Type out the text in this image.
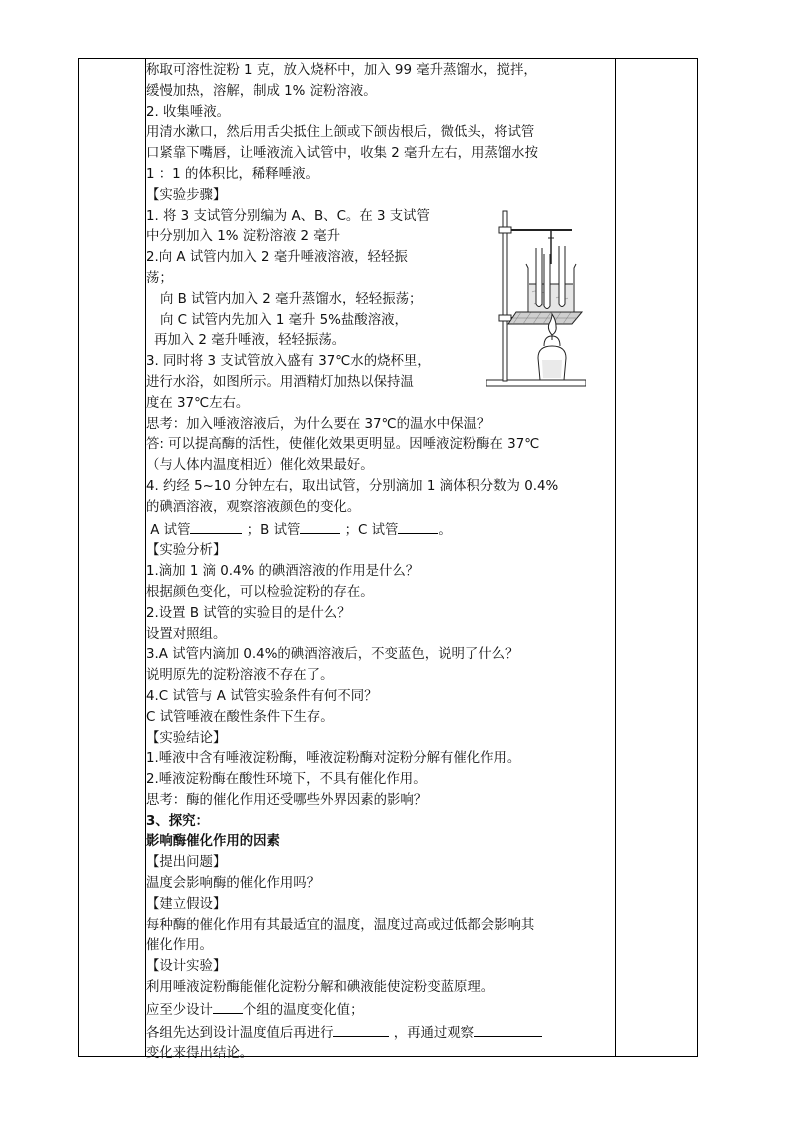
称取可溶性淀粉 1 克，放入烧杯中，加入 99 毫升蒸馏水，搅拌，

缓慢加热，溶解，制成 1% 淀粉溶液。

2. 收集唾液。

用清水漱口，然后用舌尖抵住上颌或下颌齿根后，微低头，将试管

口紧靠下嘴唇，让唾液流入试管中，收集 2 毫升左右，用蒸馏水按

1 ：1 的体积比，稀释唾液。

【实验步骤】

1. 将 3 支试管分别编为 A、B、C。在 3 支试管

中分别加入 1% 淀粉溶液 2 毫升

2.向 A 试管内加入 2 毫升唾液溶液，轻轻振

荡；

向 B 试管内加入 2 毫升蒸馏水，轻轻振荡；

向 C 试管内先加入 1 毫升 5%盐酸溶液，

再加入 2 毫升唾液，轻轻振荡。

3. 同时将 3 支试管放入盛有 37℃水的烧杯里，

进行水浴，如图所示。用酒精灯加热以保持温

度在 37℃左右。

思考：加入唾液溶液后，为什么要在 37℃的温水中保温？

答: 可以提高酶的活性，使催化效果更明显。因唾液淀粉酶在 37℃

（与人体内温度相近）催化效果最好。

4. 约经 5~10 分钟左右，取出试管，分别滴加 1 滴体积分数为 0.4%

的碘酒溶液，观察溶液颜色的变化。

A 试管	；B 试管	；C 试管	。

【实验分析】

1.滴加 1 滴 0.4% 的碘酒溶液的作用是什么？

根据颜色变化，可以检验淀粉的存在。

2.设置 B 试管的实验目的是什么？

设置对照组。

3.A 试管内滴加 0.4%的碘酒溶液后，不变蓝色，说明了什么？

说明原先的淀粉溶液不存在了。

4.C 试管与 A 试管实验条件有何不同？

C 试管唾液在酸性条件下生存。

【实验结论】

1.唾液中含有唾液淀粉酶，唾液淀粉酶对淀粉分解有催化作用。

2.唾液淀粉酶在酸性环境下，不具有催化作用。

思考：酶的催化作用还受哪些外界因素的影响？

3、探究：

影响酶催化作用的因素

【提出问题】

温度会影响酶的催化作用吗？

【建立假设】

每种酶的催化作用有其最适宜的温度，温度过高或过低都会影响其

催化作用。

【设计实验】

利用唾液淀粉酶能催化淀粉分解和碘液能使淀粉变蓝原理。

应至少设计 个组的温度变化值；

各组先达到设计温度值后再进行	，再通过观察

变化来得出结论。
